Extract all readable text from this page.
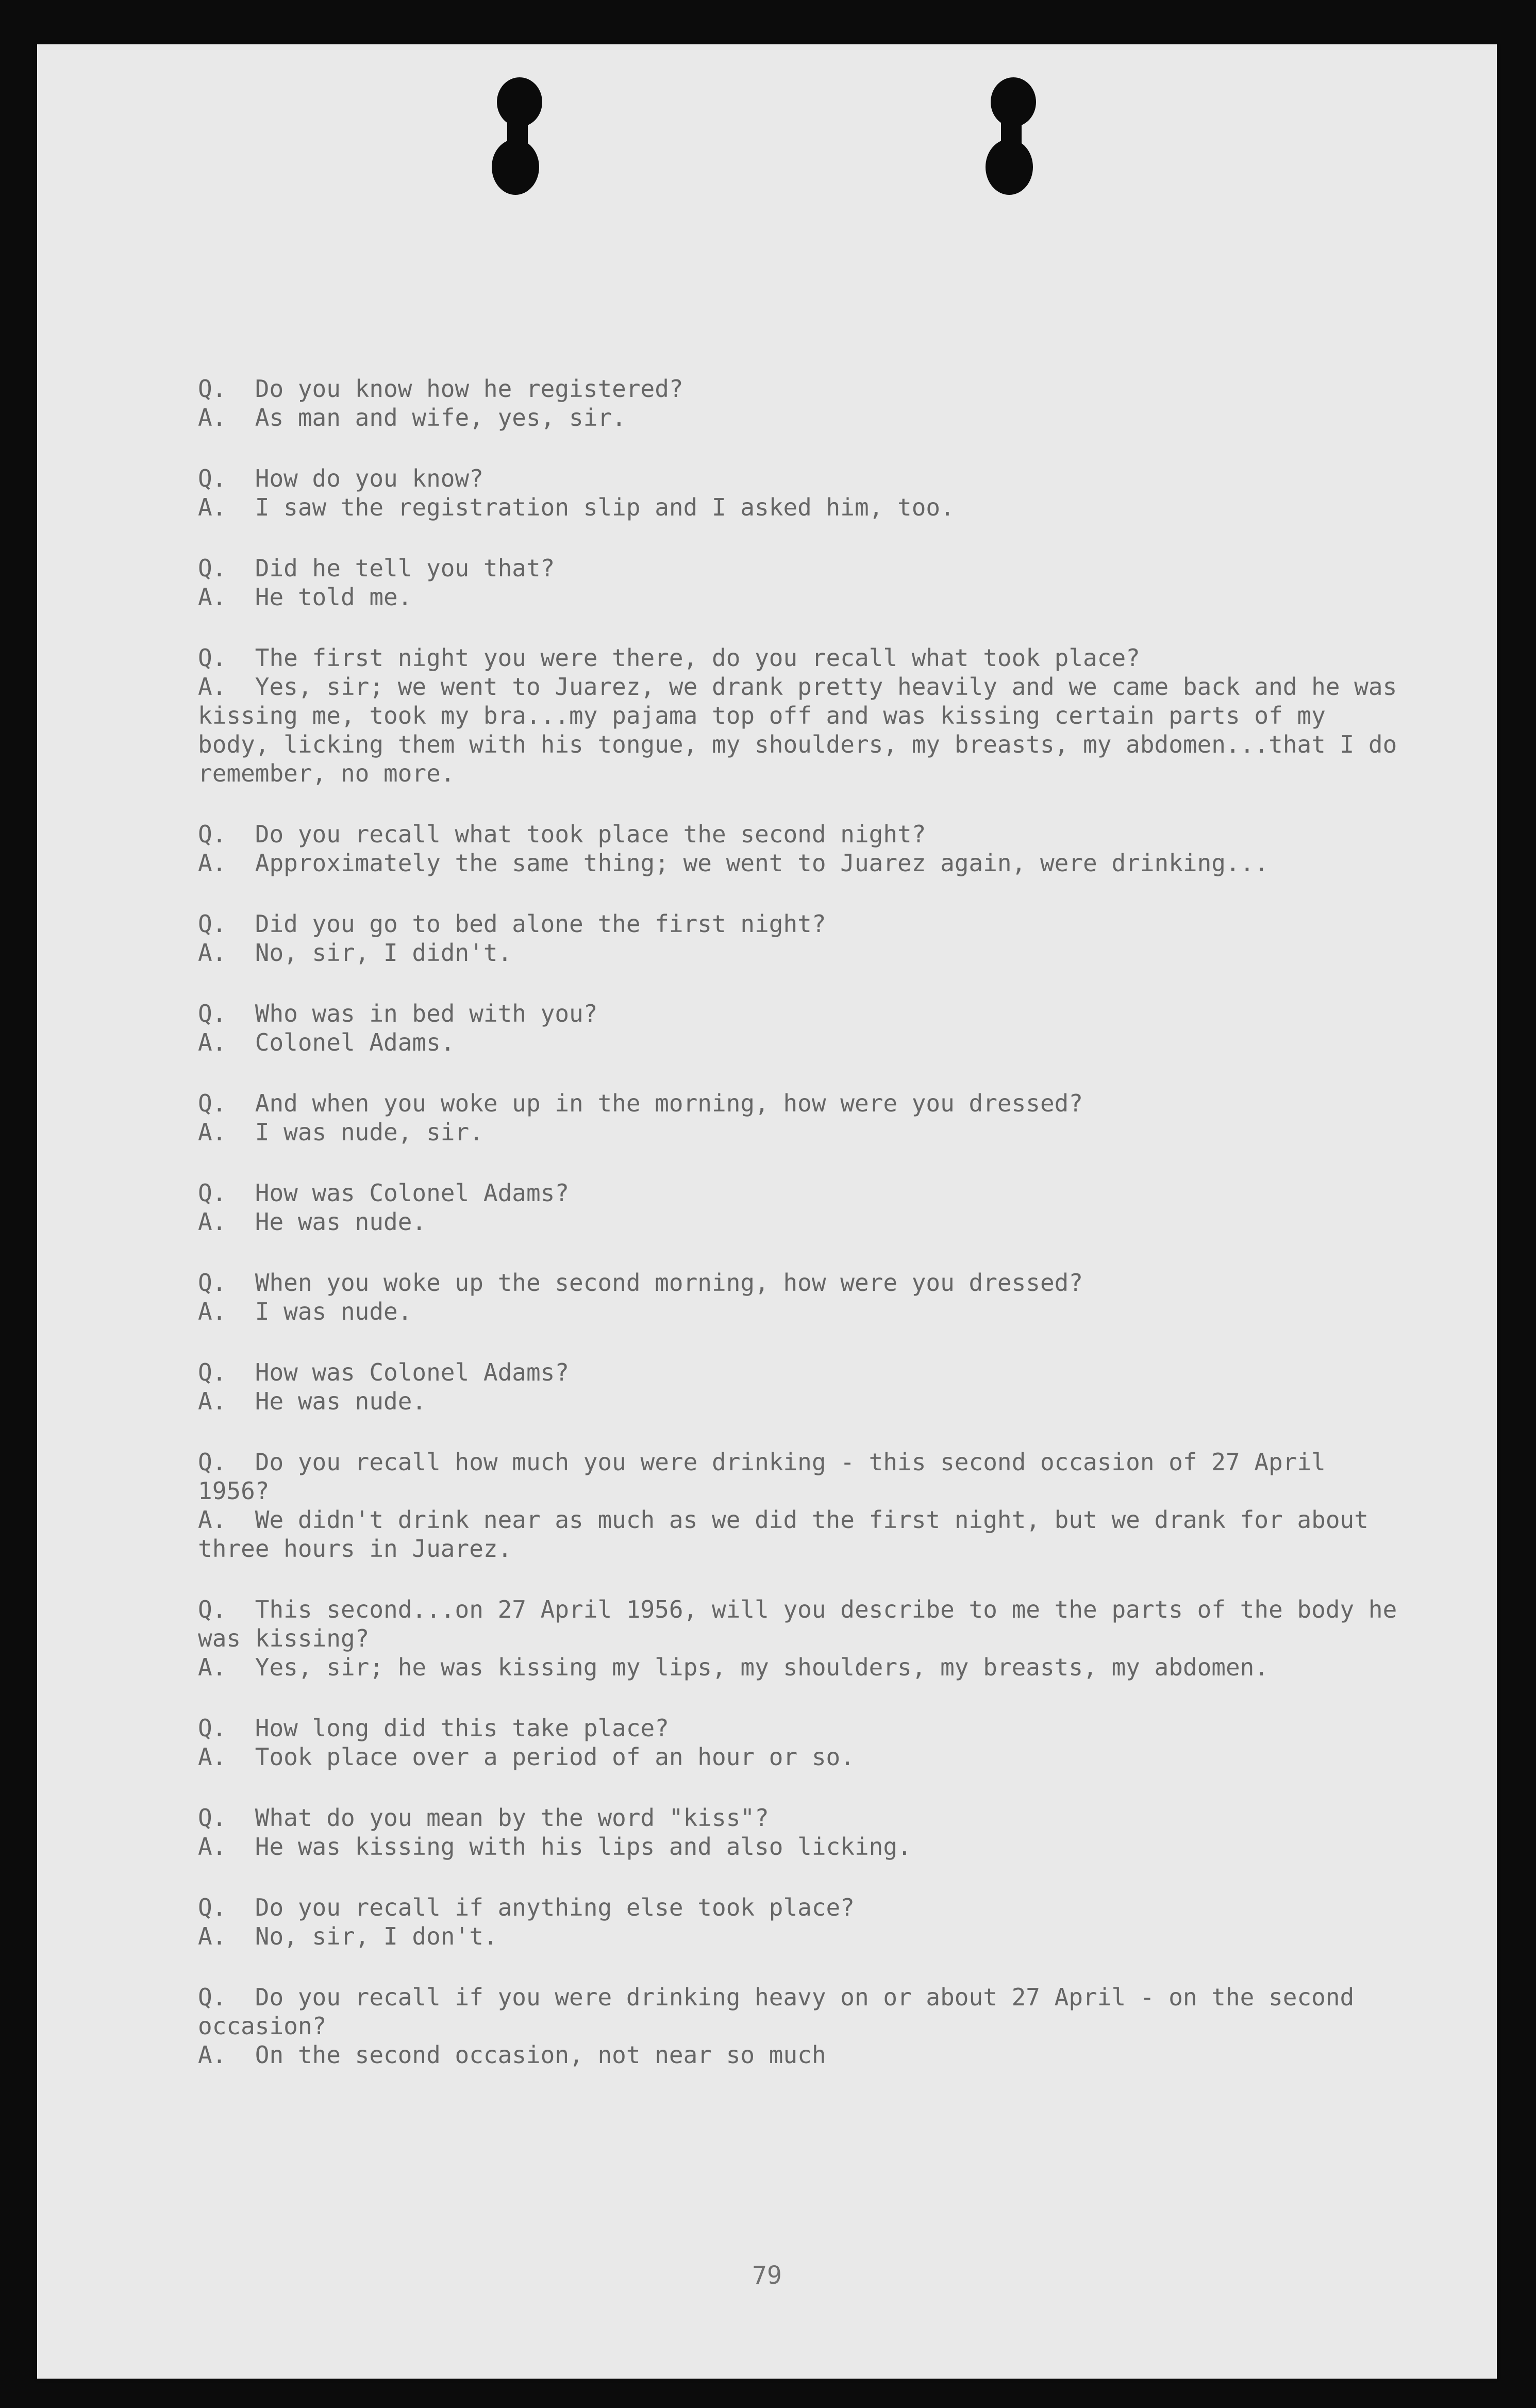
Q.  Do you know how he registered?
A.  As man and wife, yes, sir.
Q.  How do you know?
A.  I saw the registration slip and I asked him, too.
Q.  Did he tell you that?
A.  He told me.
Q.  The first night you were there, do you recall what took place?
A.  Yes, sir; we went to Juarez, we drank pretty heavily and we came back and he was kissing me, took my bra...my pajama top off and was kissing certain parts of my body, licking them with his tongue, my shoulders, my breasts, my abdomen...that I do remember, no more.
Q.  Do you recall what took place the second night?
A.  Approximately the same thing; we went to Juarez again, were drinking...
Q.  Did you go to bed alone the first night?
A.  No, sir, I didn't.
Q.  Who was in bed with you?
A.  Colonel Adams.
Q.  And when you woke up in the morning, how were you dressed?
A.  I was nude, sir.
Q.  How was Colonel Adams?
A.  He was nude.
Q.  When you woke up the second morning, how were you dressed?
A.  I was nude.
Q.  How was Colonel Adams?
A.  He was nude.
Q.  Do you recall how much you were drinking - this second occasion of 27 April 1956?
A.  We didn't drink near as much as we did the first night, but we drank for about three hours in Juarez.
Q.  This second...on 27 April 1956, will you describe to me the parts of the body he was kissing?
A.  Yes, sir; he was kissing my lips, my shoulders, my breasts, my abdomen.
Q.  How long did this take place?
A.  Took place over a period of an hour or so.
Q.  What do you mean by the word "kiss"?
A.  He was kissing with his lips and also licking.
Q.  Do you recall if anything else took place?
A.  No, sir, I don't.
Q.  Do you recall if you were drinking heavy on or about 27 April - on the second occasion?
A.  On the second occasion, not near so much
79
